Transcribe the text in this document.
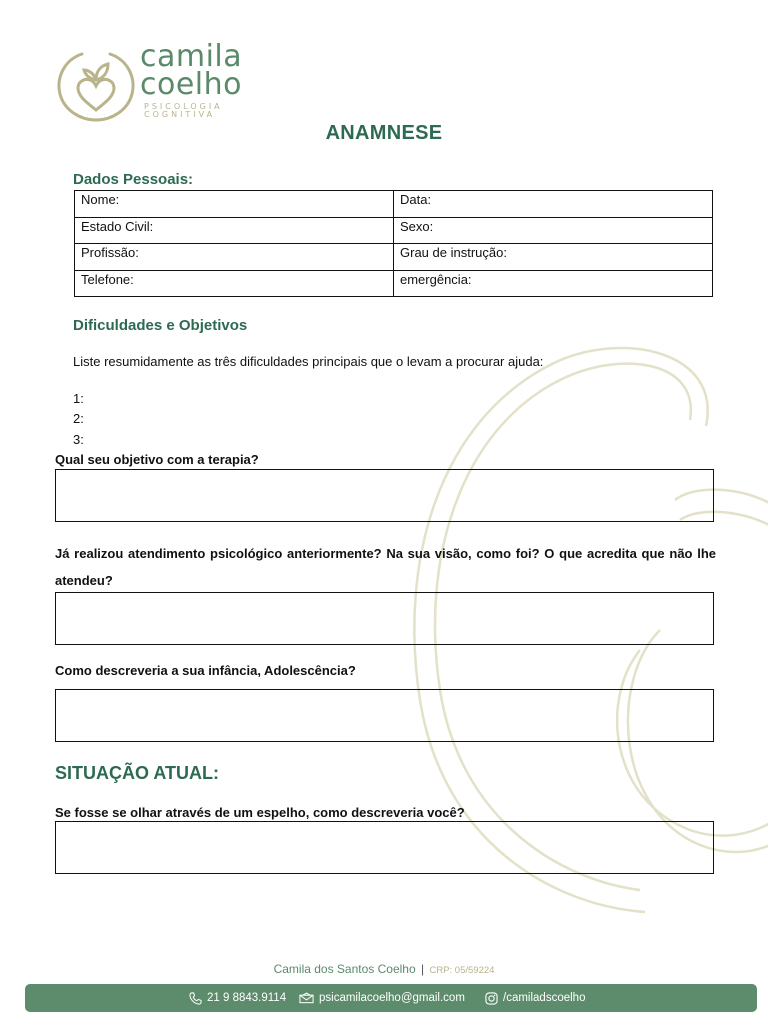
camila
coelho
PSICOLOGIA
COGNITIVA
ANAMNESE
Dados Pessoais:
Nome:	Data:
Estado Civil:	Sexo:
Profissão:	Grau de instrução:
Telefone:	emergência:
Dificuldades e Objetivos
Liste resumidamente as três dificuldades principais que o levam a procurar ajuda:
1:
2:
3:
Qual seu objetivo com a terapia?
Já realizou atendimento psicológico anteriormente? Na sua visão, como foi? O que acredita que não lhe atendeu?
Como descreveria a sua infância, Adolescência?
SITUAÇÃO ATUAL:
Se fosse se olhar através de um espelho, como descreveria você?
Camila dos Santos Coelho | CRP: 05/59224
21 9 8843.9114	psicamilacoelho@gmail.com	/camiladscoelho
